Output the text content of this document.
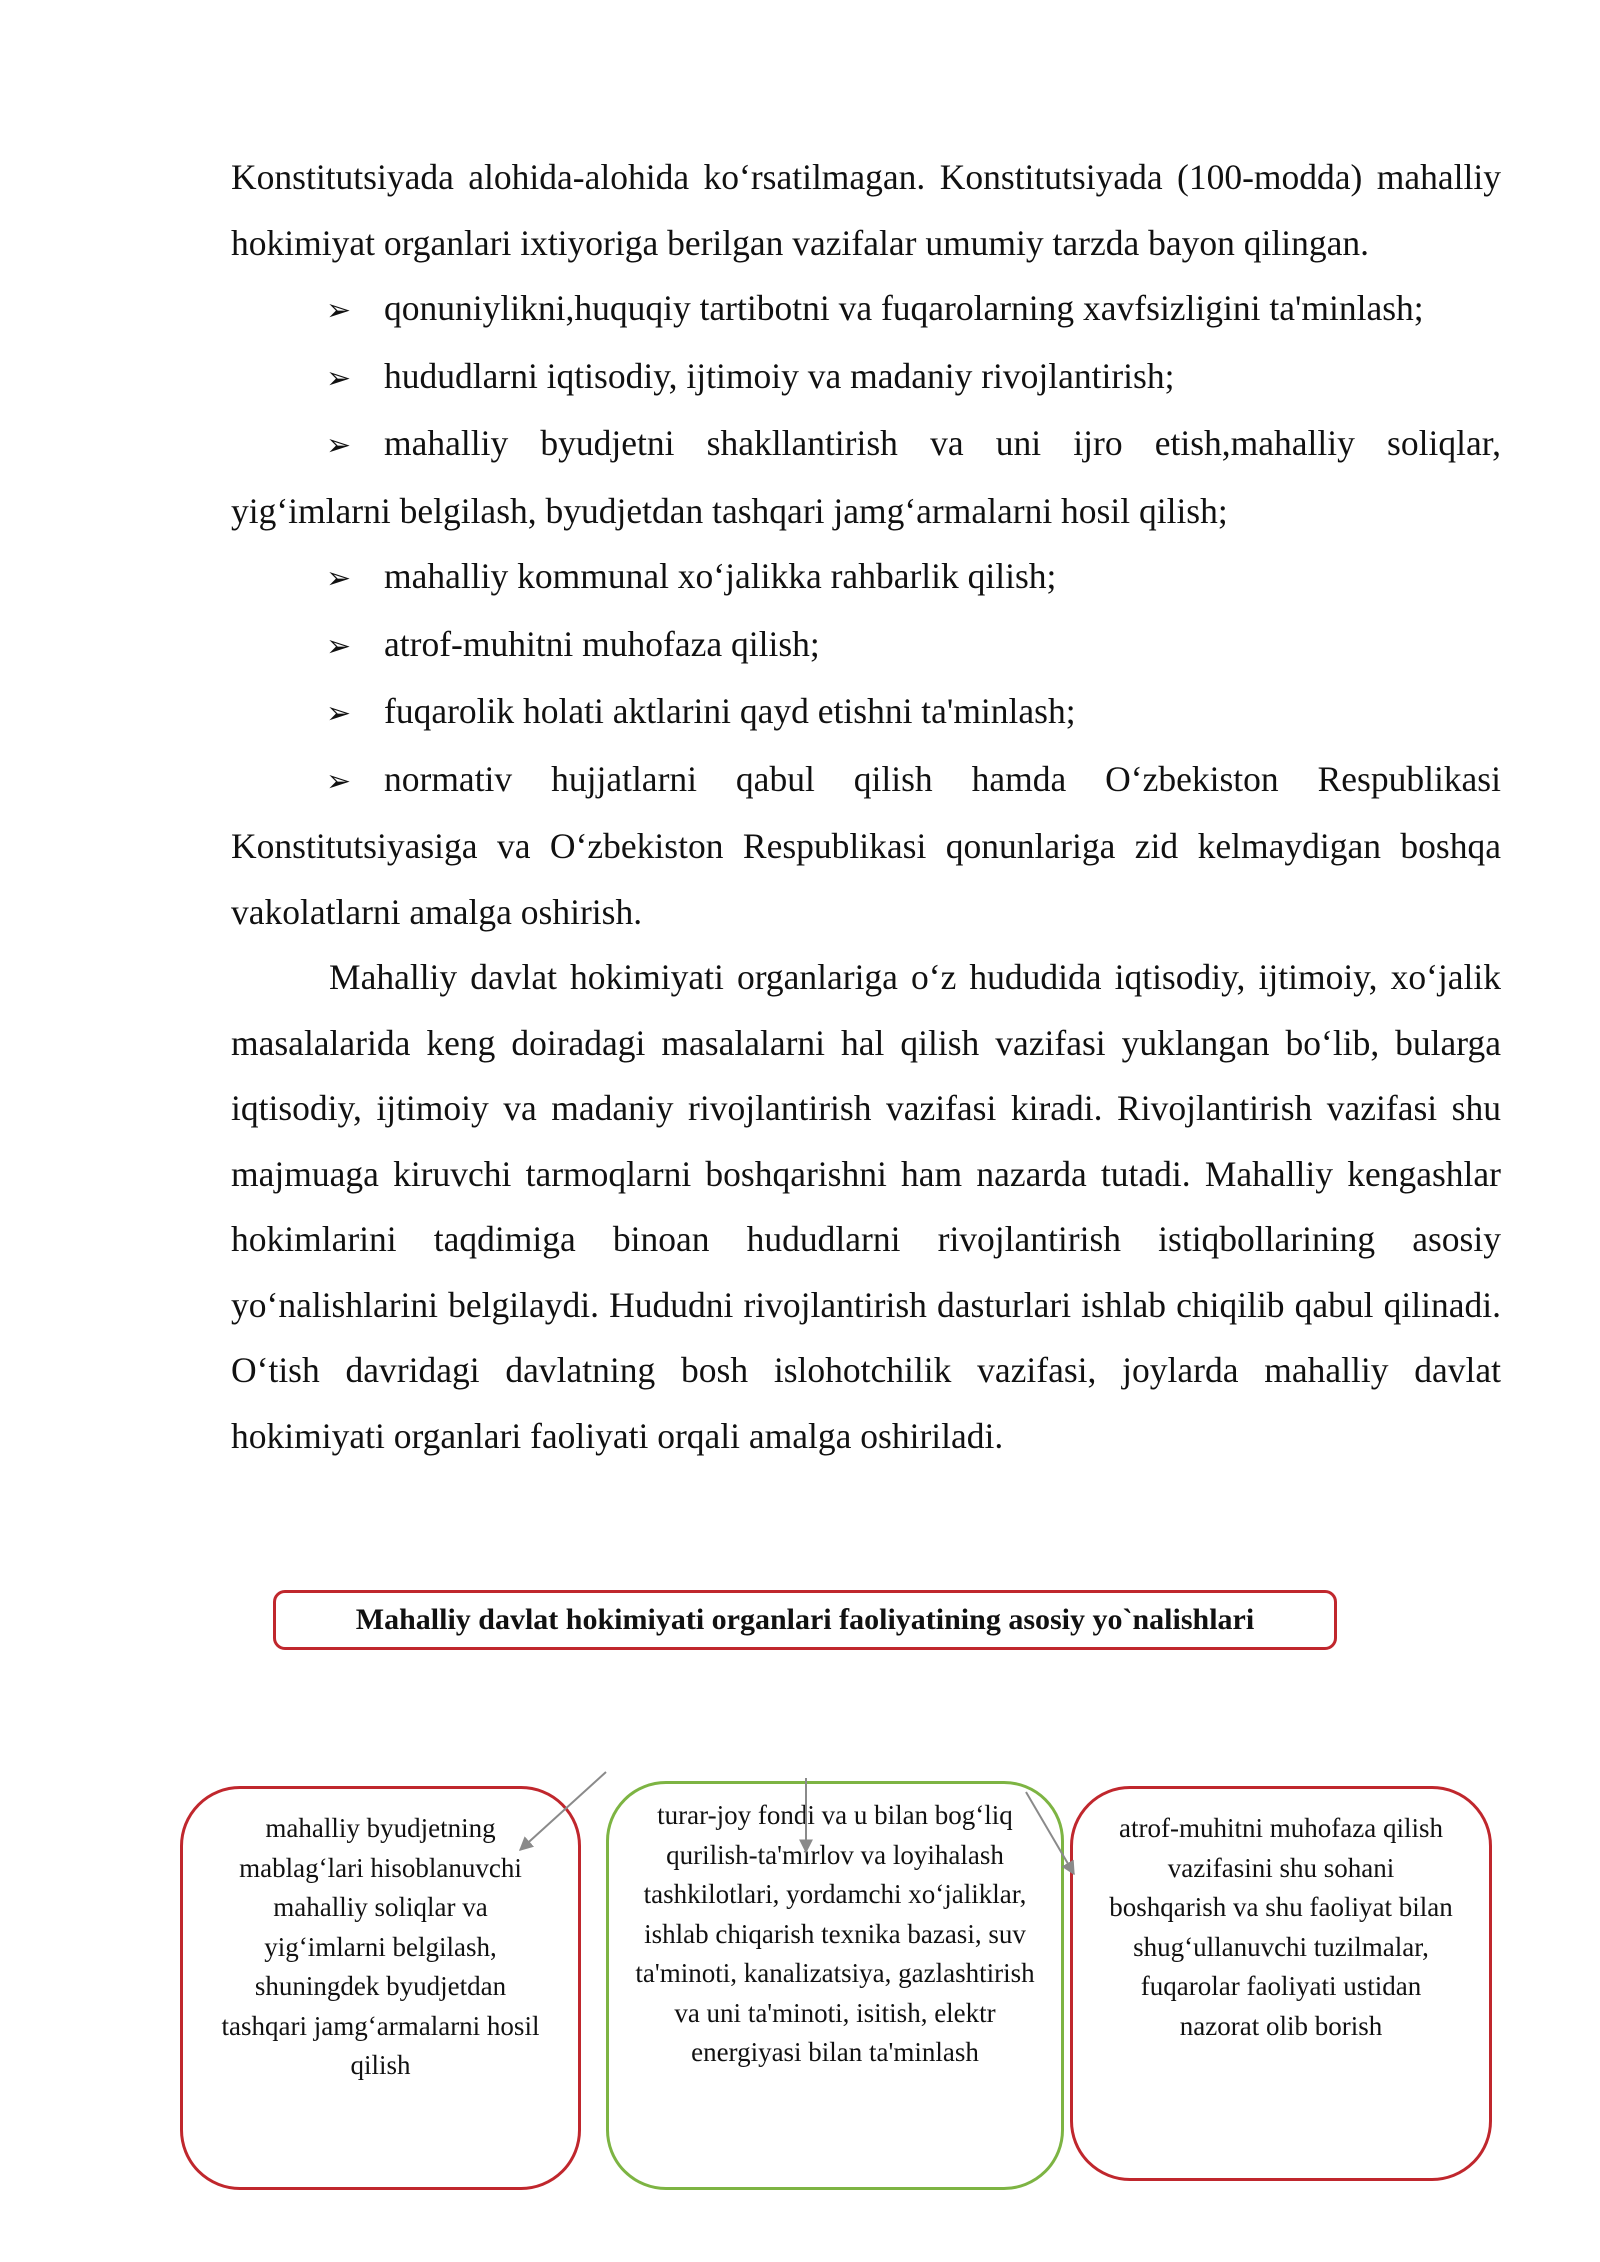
Konstitutsiyada alohida-alohida ko‘rsatilmagan. Konstitutsiyada (100-modda) mahalliy hokimiyat organlari ixtiyoriga berilgan vazifalar umumiy tarzda bayon qilingan.

➢ qonuniylikni,huquqiy tartibotni va fuqarolarning xavfsizligini ta'minlash;

➢ hududlarni iqtisodiy, ijtimoiy va madaniy rivojlantirish;

➢ mahalliy byudjetni shakllantirish va uni ijro etish,mahalliy soliqlar, yig‘imlarni belgilash, byudjetdan tashqari jamg‘armalarni hosil qilish;

➢ mahalliy kommunal xo‘jalikka rahbarlik qilish;

➢ atrof-muhitni muhofaza qilish;

➢ fuqarolik holati aktlarini qayd etishni ta'minlash;

➢ normativ hujjatlarni qabul qilish hamda O‘zbekiston Respublikasi Konstitutsiyasiga va O‘zbekiston Respublikasi qonunlariga zid kelmaydigan boshqa vakolatlarni amalga oshirish.

Mahalliy davlat hokimiyati organlariga o‘z hududida iqtisodiy, ijtimoiy, xo‘jalik masalalarida keng doiradagi masalalarni hal qilish vazifasi yuklangan bo‘lib, bularga iqtisodiy, ijtimoiy va madaniy rivojlantirish vazifasi kiradi. Rivojlantirish vazifasi shu majmuaga kiruvchi tarmoqlarni boshqarishni ham nazarda tutadi. Mahalliy kengashlar hokimlarini taqdimiga binoan hududlarni rivojlantirish istiqbollarining asosiy yo‘nalishlarini belgilaydi. Hududni rivojlantirish dasturlari ishlab chiqilib qabul qilinadi. O‘tish davridagi davlatning bosh islohotchilik vazifasi, joylarda mahalliy davlat hokimiyati organlari faoliyati orqali amalga oshiriladi.

Mahalliy davlat hokimiyati organlari faoliyatining asosiy yo`nalishlari
mahalliy byudjetning mablag‘lari hisoblanuvchi mahalliy soliqlar va yig‘imlarni belgilash, shuningdek byudjetdan tashqari jamg‘armalarni hosil qilish
turar-joy fondi va u bilan bog‘liq qurilish-ta'mirlov va loyihalash tashkilotlari, yordamchi xo‘jaliklar, ishlab chiqarish texnika bazasi, suv ta'minoti, kanalizatsiya, gazlashtirish va uni ta'minoti, isitish, elektr energiyasi bilan ta'minlash
atrof-muhitni muhofaza qilish vazifasini shu sohani boshqarish va shu faoliyat bilan shug‘ullanuvchi tuzilmalar, fuqarolar faoliyati ustidan nazorat olib borish
